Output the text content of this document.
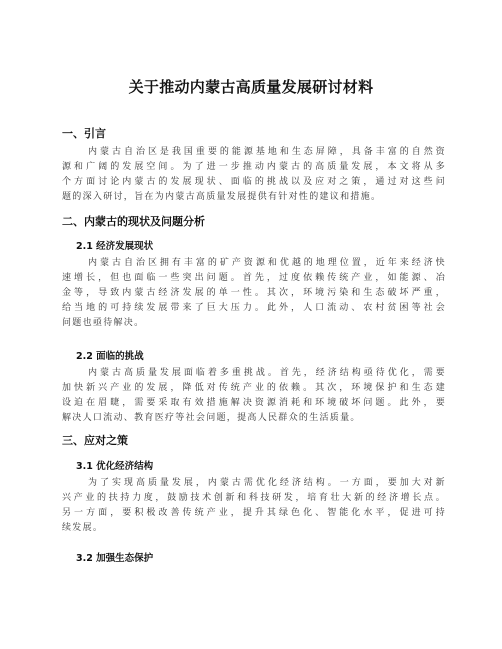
关于推动内蒙古高质量发展研讨材料
一、引言
内蒙古自治区是我国重要的能源基地和生态屏障，具备丰富的自然资
源和广阔的发展空间。为了进一步推动内蒙古的高质量发展，本文将从多
个方面讨论内蒙古的发展现状、面临的挑战以及应对之策，通过对这些问
题的深入研讨，旨在为内蒙古高质量发展提供有针对性的建议和措施。
二、内蒙古的现状及问题分析
2.1 经济发展现状
内蒙古自治区拥有丰富的矿产资源和优越的地理位置，近年来经济快
速增长，但也面临一些突出问题。首先，过度依赖传统产业，如能源、冶
金等，导致内蒙古经济发展的单一性。其次，环境污染和生态破坏严重，
给当地的可持续发展带来了巨大压力。此外，人口流动、农村贫困等社会
问题也亟待解决。
2.2 面临的挑战
内蒙古高质量发展面临着多重挑战。首先，经济结构亟待优化，需要
加快新兴产业的发展，降低对传统产业的依赖。其次，环境保护和生态建
设迫在眉睫，需要采取有效措施解决资源消耗和环境破坏问题。此外，要
解决人口流动、教育医疗等社会问题，提高人民群众的生活质量。
三、应对之策
3.1 优化经济结构
为了实现高质量发展，内蒙古需优化经济结构。一方面，要加大对新
兴产业的扶持力度，鼓励技术创新和科技研发，培育壮大新的经济增长点。
另一方面，要积极改善传统产业，提升其绿色化、智能化水平，促进可持
续发展。
3.2 加强生态保护
